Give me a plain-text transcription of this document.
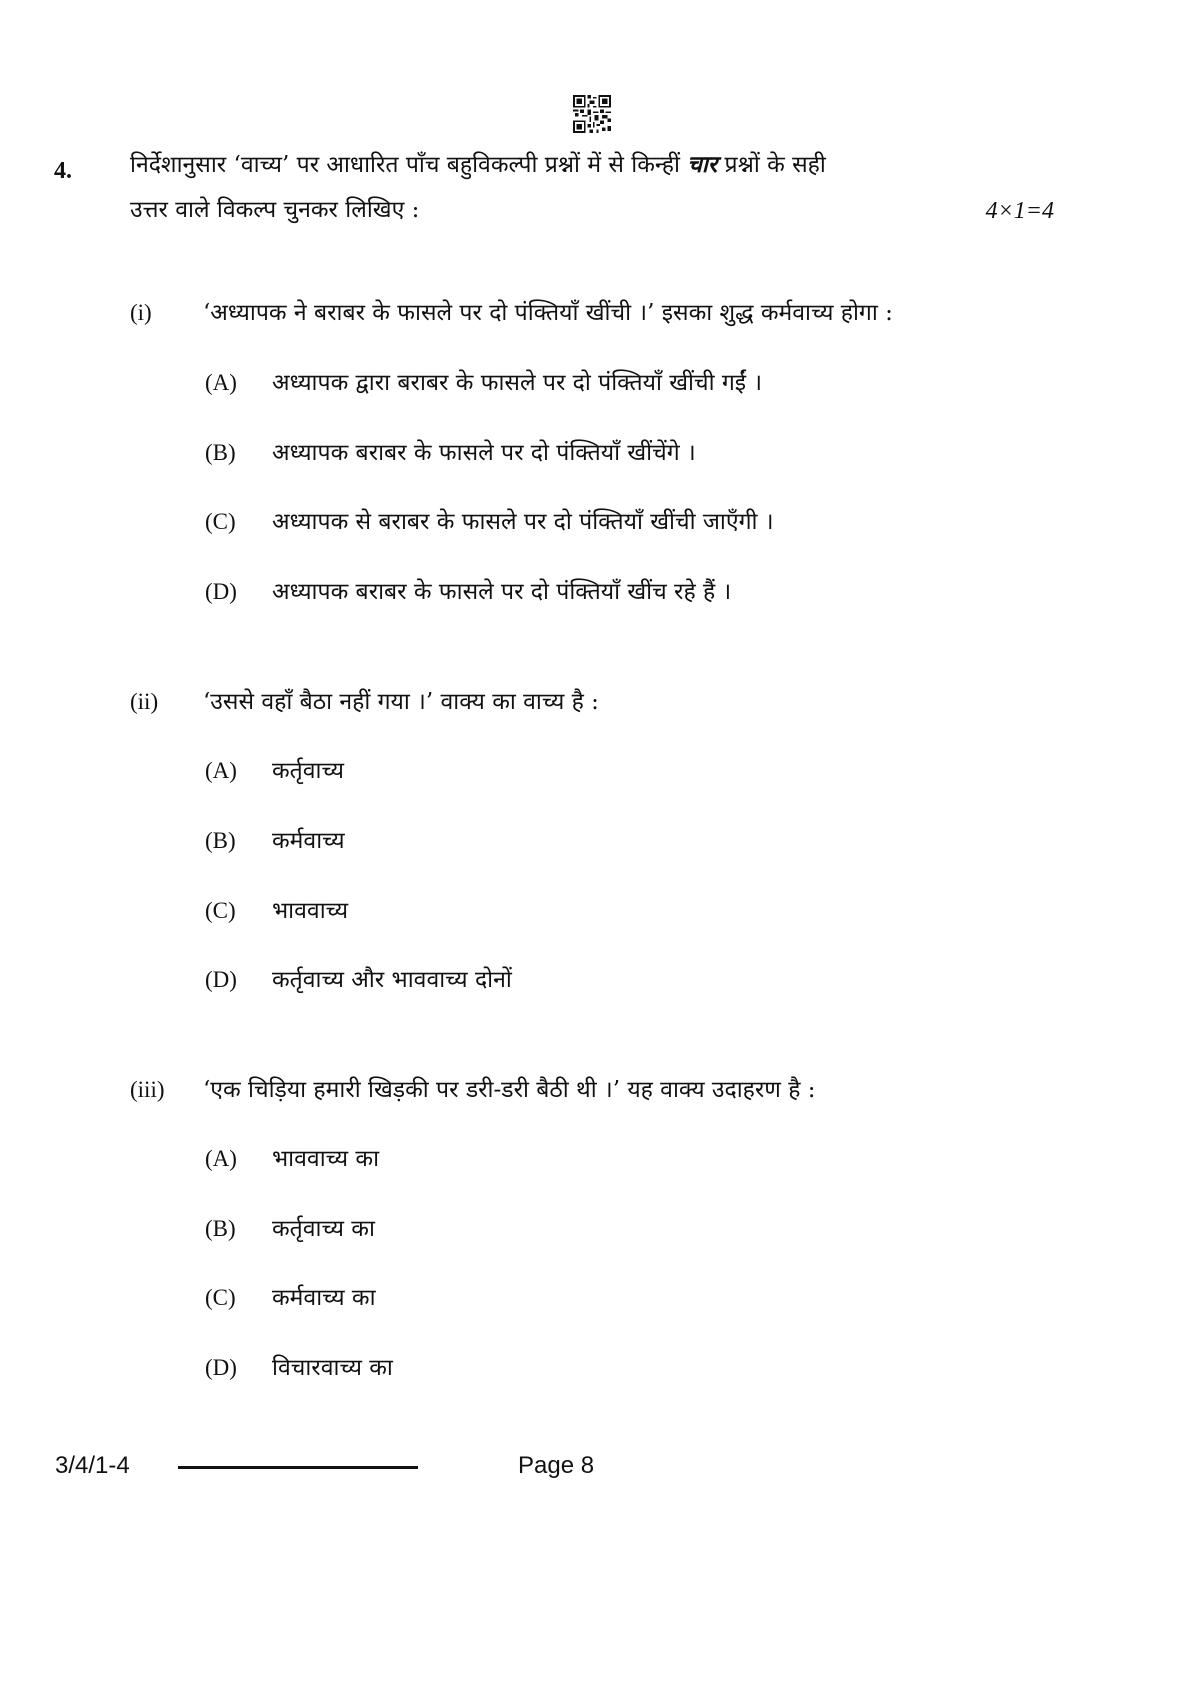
4.	निर्देशानुसार ‘वाच्य’ पर आधारित पाँच बहुविकल्पी प्रश्नों में से किन्हीं चार प्रश्नों के सही
उत्तर वाले विकल्प चुनकर लिखिए :	4×1=4
(i) ‘अध्यापक ने बराबर के फासले पर दो पंक्तियाँ खींची ।’ इसका शुद्ध कर्मवाच्य होगा :
(A) अध्यापक द्वारा बराबर के फासले पर दो पंक्तियाँ खींची गईं ।
(B) अध्यापक बराबर के फासले पर दो पंक्तियाँ खींचेंगे ।
(C) अध्यापक से बराबर के फासले पर दो पंक्तियाँ खींची जाएँगी ।
(D) अध्यापक बराबर के फासले पर दो पंक्तियाँ खींच रहे हैं ।
(ii) ‘उससे वहाँ बैठा नहीं गया ।’ वाक्य का वाच्य है :
(A) कर्तृवाच्य
(B) कर्मवाच्य
(C) भाववाच्य
(D) कर्तृवाच्य और भाववाच्य दोनों
(iii) ‘एक चिड़िया हमारी खिड़की पर डरी-डरी बैठी थी ।’ यह वाक्य उदाहरण है :
(A) भाववाच्य का
(B) कर्तृवाच्य का
(C) कर्मवाच्य का
(D) विचारवाच्य का
3/4/1-4	Page 8
